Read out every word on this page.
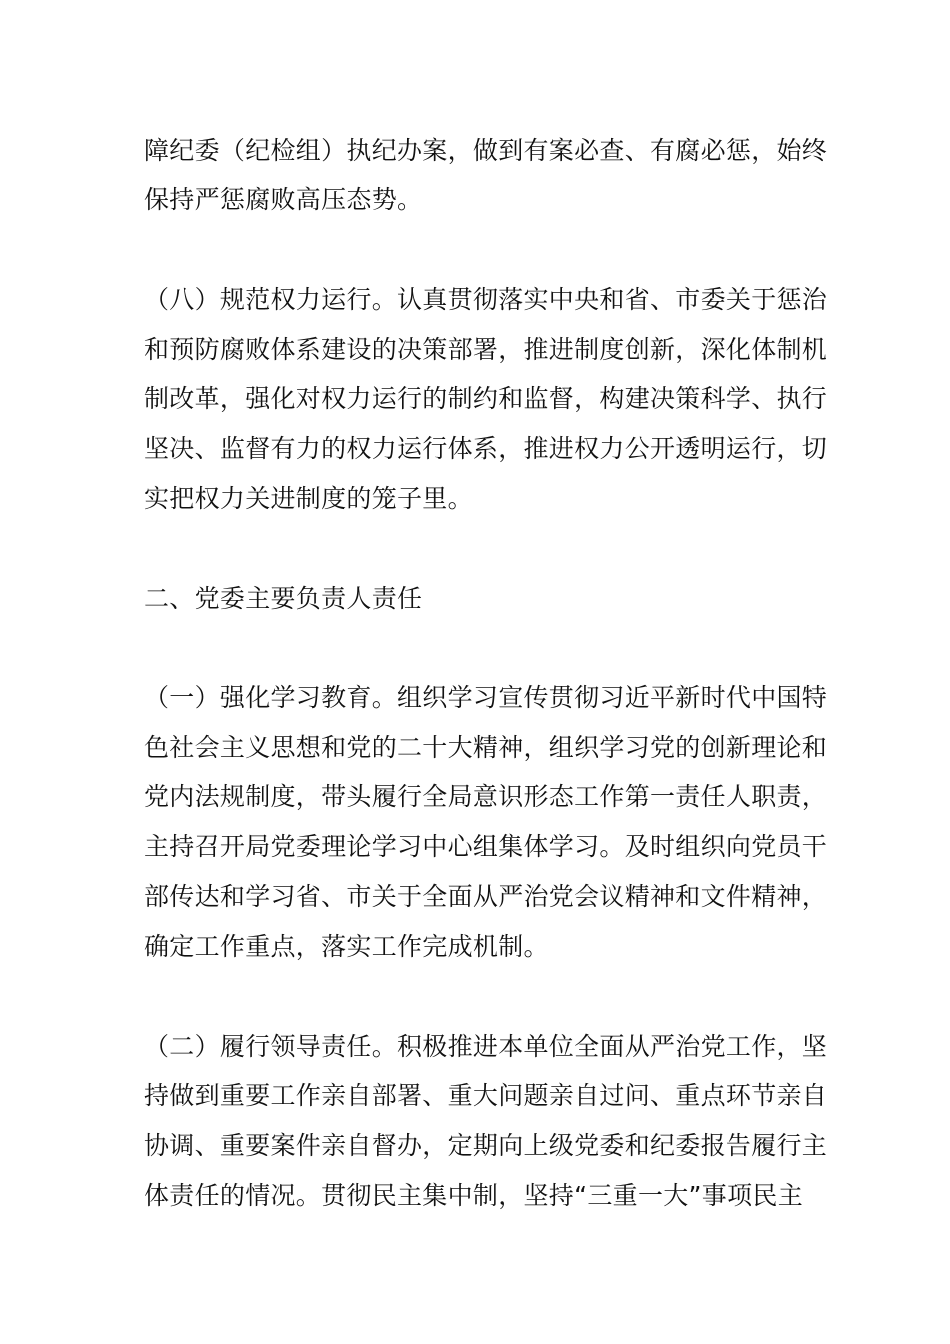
障纪委（纪检组）执纪办案，做到有案必查、有腐必惩，始终
保持严惩腐败高压态势。
（八）规范权力运行。认真贯彻落实中央和省、市委关于惩治
和预防腐败体系建设的决策部署，推进制度创新，深化体制机
制改革，强化对权力运行的制约和监督，构建决策科学、执行
坚决、监督有力的权力运行体系，推进权力公开透明运行，切
实把权力关进制度的笼子里。
二、党委主要负责人责任
（一）强化学习教育。组织学习宣传贯彻习近平新时代中国特
色社会主义思想和党的二十大精神，组织学习党的创新理论和
党内法规制度，带头履行全局意识形态工作第一责任人职责，
主持召开局党委理论学习中心组集体学习。及时组织向党员干
部传达和学习省、市关于全面从严治党会议精神和文件精神，
确定工作重点，落实工作完成机制。
（二）履行领导责任。积极推进本单位全面从严治党工作，坚
持做到重要工作亲自部署、重大问题亲自过问、重点环节亲自
协调、重要案件亲自督办，定期向上级党委和纪委报告履行主
体责任的情况。贯彻民主集中制，坚持“三重一大”事项民主
